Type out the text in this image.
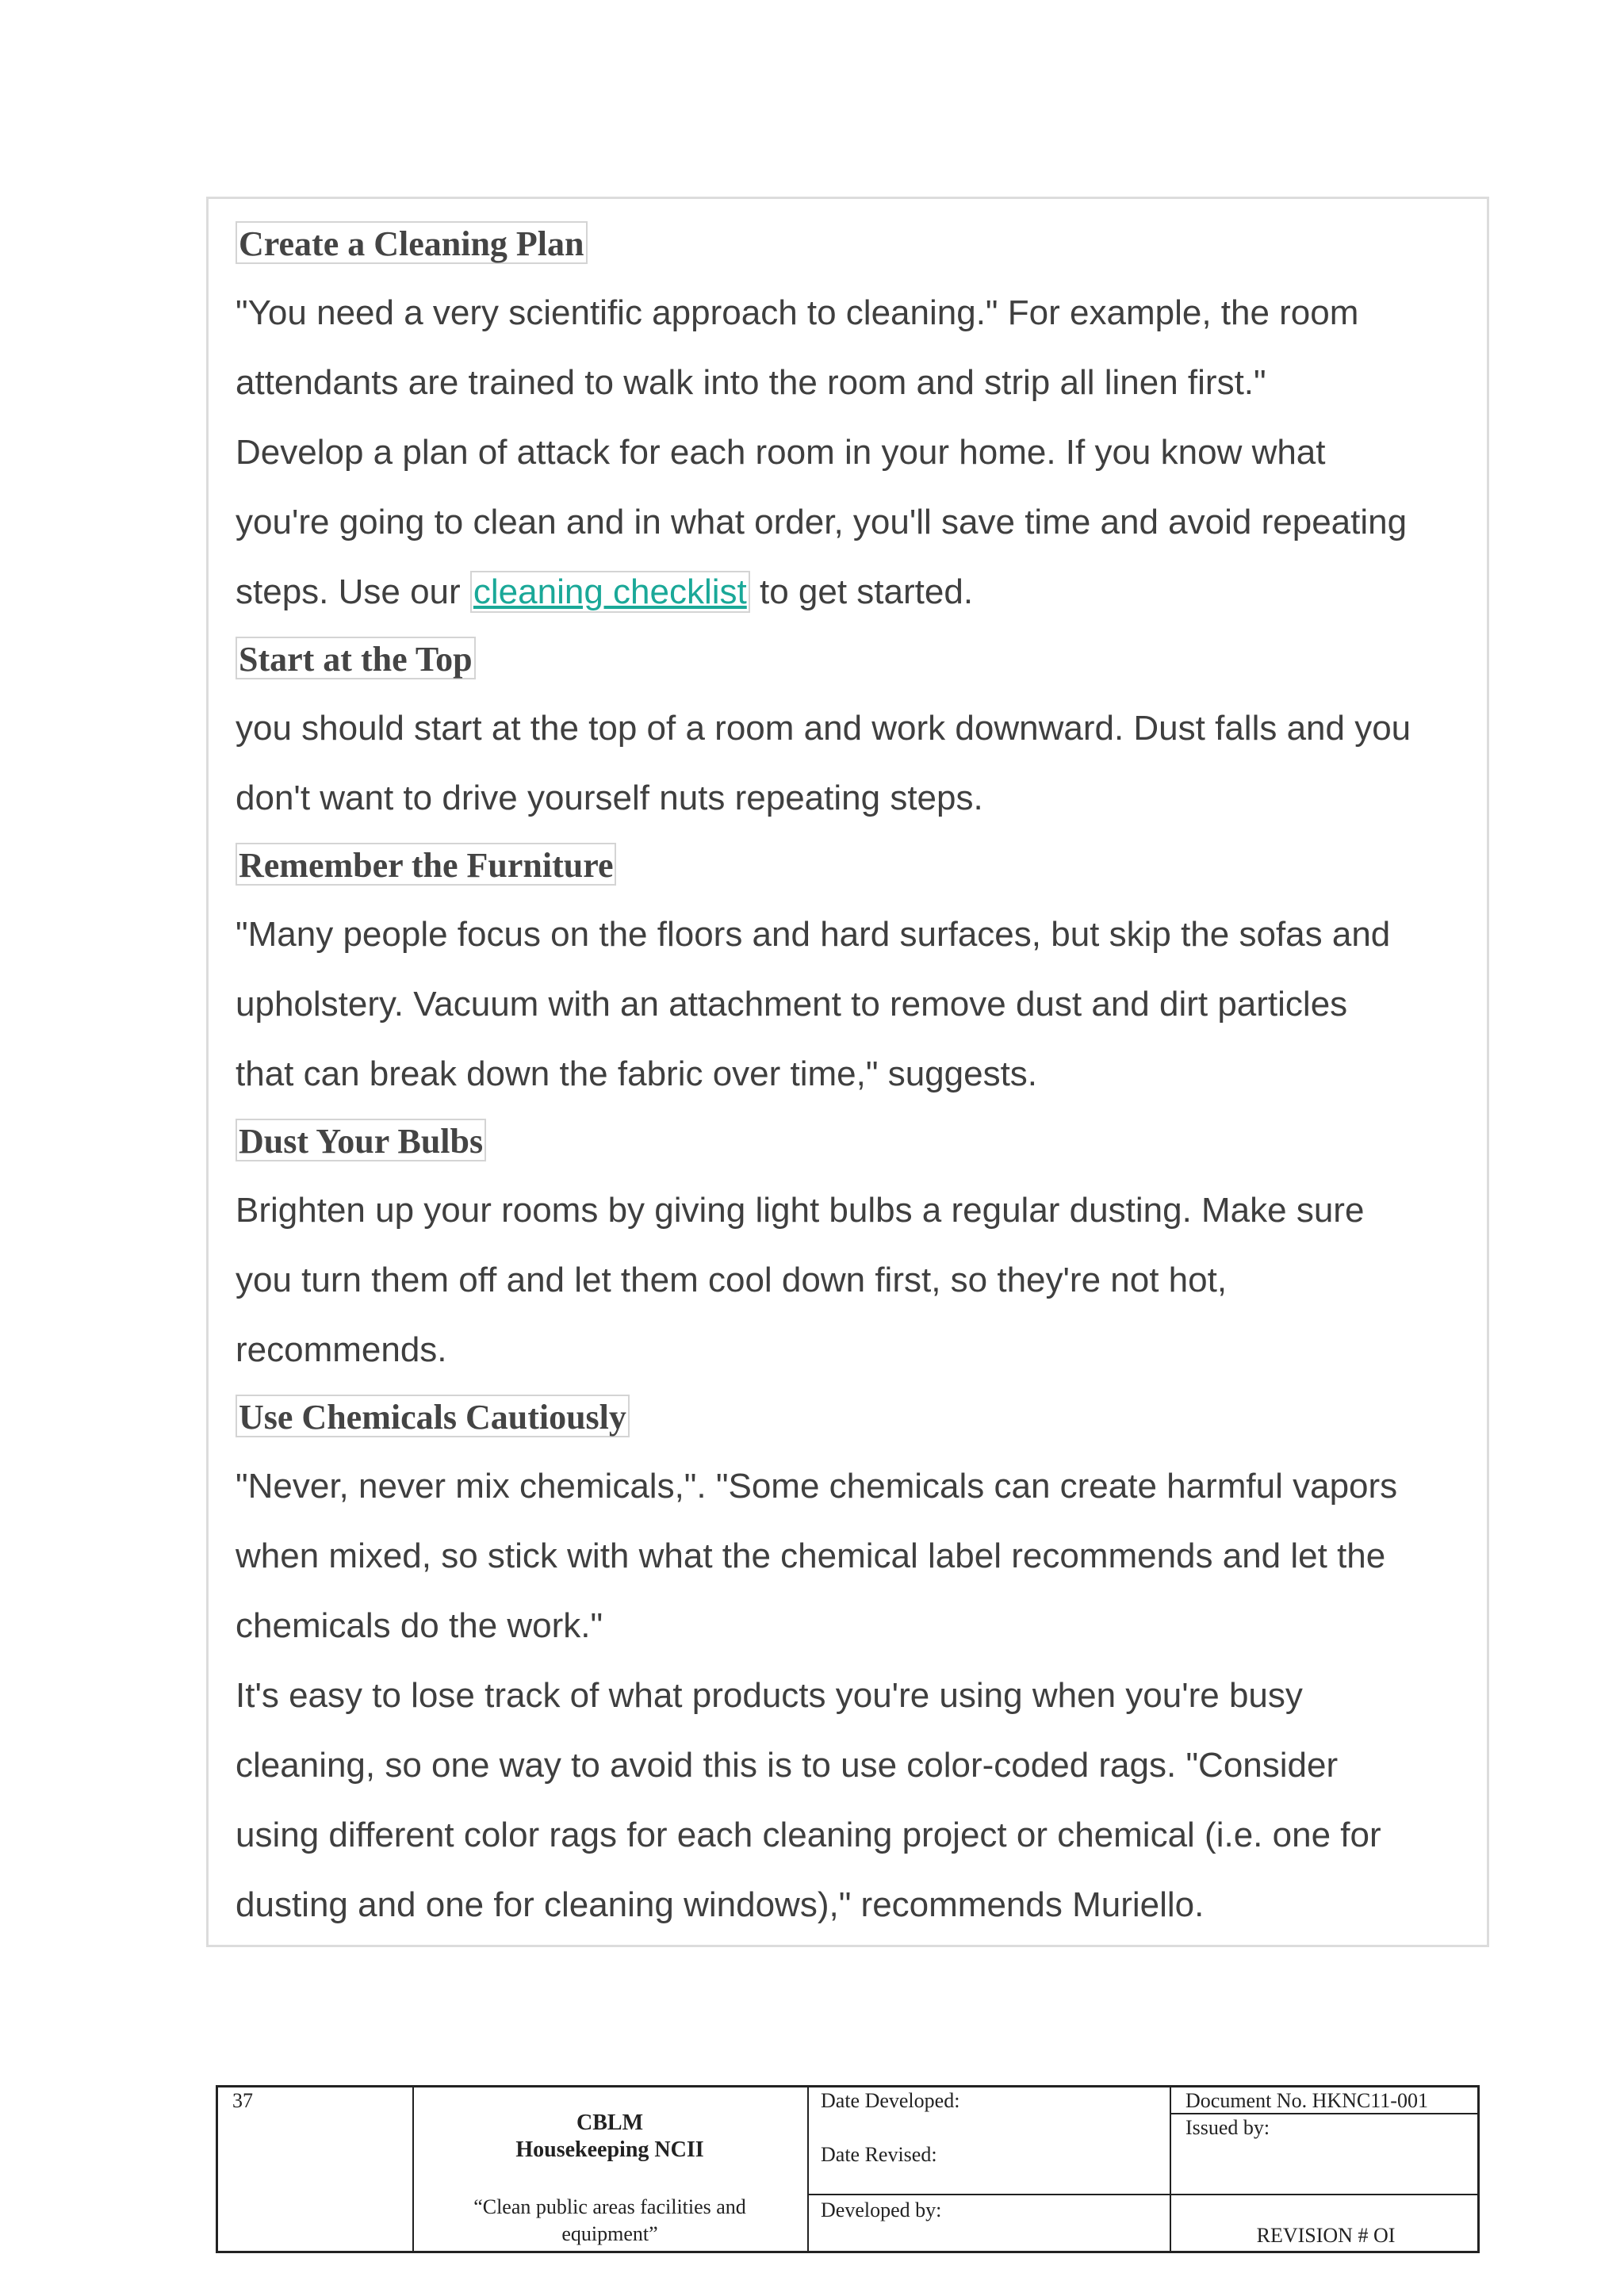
Create a Cleaning Plan
"You need a very scientific approach to cleaning." For example, the room
attendants are trained to walk into the room and strip all linen first."
Develop a plan of attack for each room in your home. If you know what
you're going to clean and in what order, you'll save time and avoid repeating
steps. Use our cleaning checklist to get started.
Start at the Top
you should start at the top of a room and work downward. Dust falls and you
don't want to drive yourself nuts repeating steps.
Remember the Furniture
"Many people focus on the floors and hard surfaces, but skip the sofas and
upholstery. Vacuum with an attachment to remove dust and dirt particles
that can break down the fabric over time," suggests.
Dust Your Bulbs
Brighten up your rooms by giving light bulbs a regular dusting. Make sure
you turn them off and let them cool down first, so they're not hot,
recommends.
Use Chemicals Cautiously
"Never, never mix chemicals,". "Some chemicals can create harmful vapors
when mixed, so stick with what the chemical label recommends and let the
chemicals do the work."
It's easy to lose track of what products you're using when you're busy
cleaning, so one way to avoid this is to use color-coded rags. "Consider
using different color rags for each cleaning project or chemical (i.e. one for
dusting and one for cleaning windows)," recommends Muriello.
37
CBLM
Housekeeping NCII
“Clean public areas facilities and
equipment”
Date Developed:
Date Revised:
Developed by:
Document No. HKNC11-001
Issued by:
REVISION # OI
